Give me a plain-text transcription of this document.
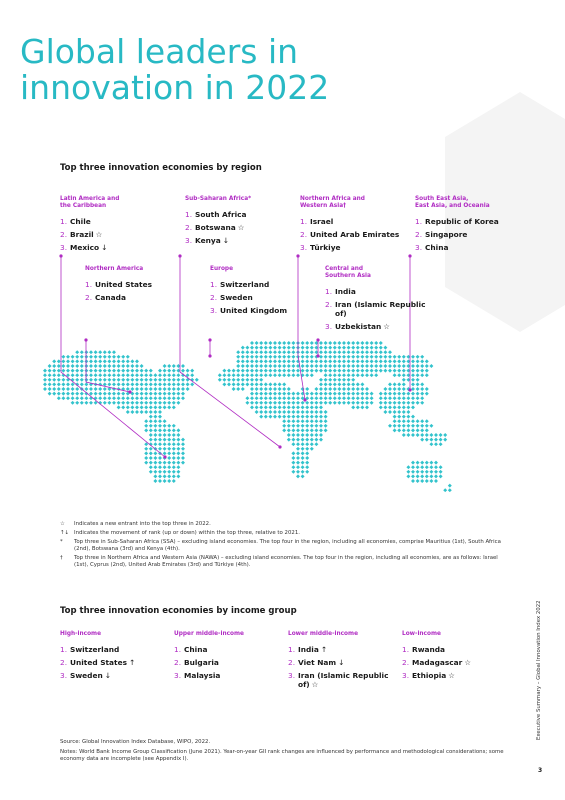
Global leaders in
innovation in 2022
Top three innovation economies by region
Latin America and
the Caribbean
1. Chile
2. Brazil ☆
3. Mexico ↓
Sub-Saharan Africa*
1. South Africa
2. Botswana ☆
3. Kenya ↓
Northern Africa and
Western Asia†
1. Israel
2. United Arab Emirates
3. Türkiye
South East Asia,
East Asia, and Oceania
1. Republic of Korea
2. Singapore
3. China
Northern America
1. United States
2. Canada
Europe
1. Switzerland
2. Sweden
3. United Kingdom
Central and
Southern Asia
1. India
2. Iran (Islamic Republic of)
3. Uzbekistan ☆
☆	Indicates a new entrant into the top three in 2022.
↑↓ Indicates the movement of rank (up or down) within the top three, relative to 2021.
*	Top three in Sub-Saharan Africa (SSA) – excluding island economies. The top four in the region, including all economies, comprise Mauritius (1st), South Africa (2nd), Botswana (3rd) and Kenya (4th).
†	Top three in Northern Africa and Western Asia (NAWA) – excluding island economies. The top four in the region, including all economies, are as follows: Israel (1st), Cyprus (2nd), United Arab Emirates (3rd) and Türkiye (4th).
Top three innovation economies by income group
High-income
1. Switzerland
2. United States ↑
3. Sweden ↓
Upper middle-income
1. China
2. Bulgaria
3. Malaysia
Lower middle-income
1. India ↑
2. Viet Nam ↓
3. Iran (Islamic Republic of) ☆
Low-income
1. Rwanda
2. Madagascar ☆
3. Ethiopia ☆
Source: Global Innovation Index Database, WIPO, 2022.
Notes: World Bank Income Group Classification (June 2021). Year-on-year GII rank changes are influenced by performance and methodological considerations; some economy data are incomplete (see Appendix I).
Executive Summary – Global Innovation Index 2022
3
